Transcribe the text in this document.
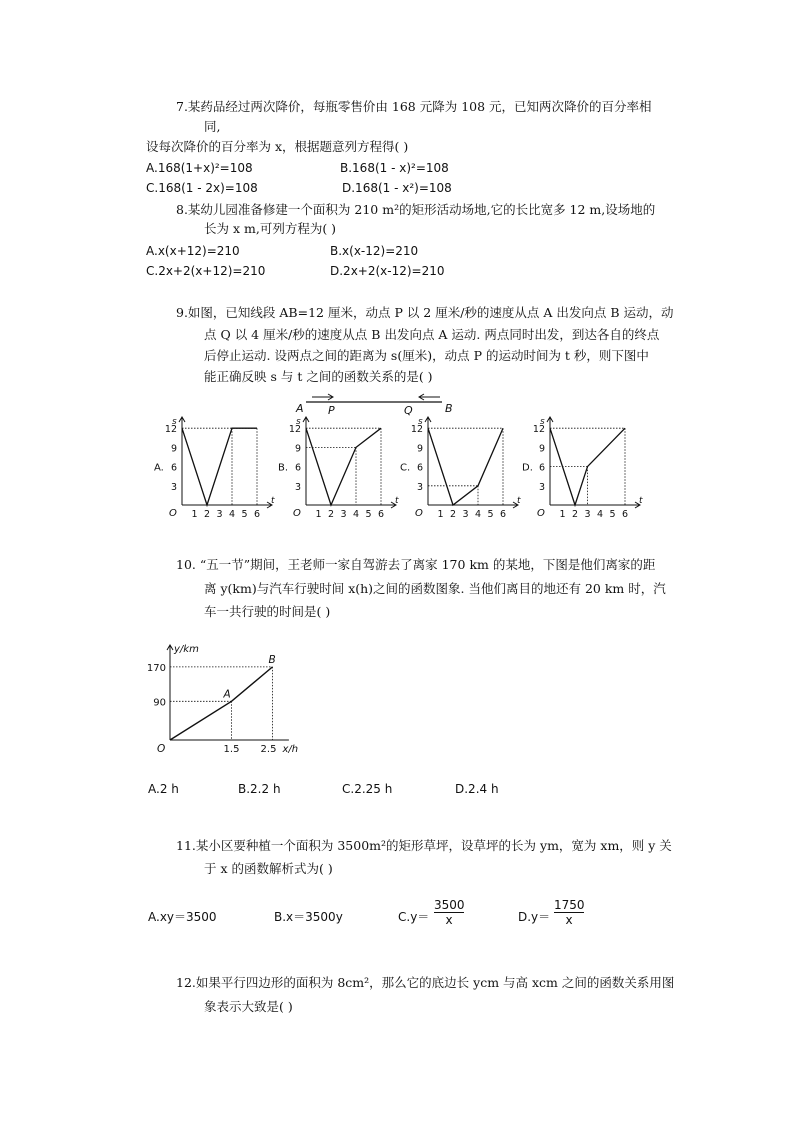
7.某药品经过两次降价，每瓶零售价由 168 元降为 108 元，已知两次降价的百分率相
同,
设每次降价的百分率为 x，根据题意列方程得( )
A.168(1+x)²=108	B.168(1 - x)²=108
C.168(1 - 2x)=108	D.168(1 - x²)=108
8.某幼儿园准备修建一个面积为 210 m²的矩形活动场地,它的长比宽多 12 m,设场地的
长为 x m,可列方程为( )
A.x(x+12)=210	B.x(x-12)=210
C.2x+2(x+12)=210	D.2x+2(x-12)=210
9.如图，已知线段 AB=12 厘米，动点 P 以 2 厘米/秒的速度从点 A 出发向点 B 运动，动
点 Q 以 4 厘米/秒的速度从点 B 出发向点 A 运动. 两点同时出发，到达各自的终点
后停止运动. 设两点之间的距离为 s(厘米)，动点 P 的运动时间为 t 秒，则下图中
能正确反映 s 与 t 之间的函数关系的是( )
A P	Q	B
A.
s
t
O
3
6
9
12
1 2 3 4 5 6
B.
s
t
O
3
6
9
12
1 2 3 4 5 6
C.
s
t
O
3
6
9
12
1 2 3 4 5 6
D.
s
t
O
3
6
9
12
1 2 3 4 5 6
10. “五一节”期间，王老师一家自驾游去了离家 170 km 的某地，下图是他们离家的距
离 y(km)与汽车行驶时间 x(h)之间的函数图象. 当他们离目的地还有 20 km 时，汽
车一共行驶的时间是( )
y/km
x/h
O
90
170
1.5 2.5
A
B
A.2 h	B.2.2 h	C.2.25 h	D.2.4 h
11.某小区要种植一个面积为 3500m²的矩形草坪，设草坪的长为 ym，宽为 xm，则 y 关
于 x 的函数解析式为( )
A.xy＝3500	B.x＝3500y	$C.y= \frac{3500}{x}$	$D.y= \frac{1750}{x}$
12.如果平行四边形的面积为 8cm²，那么它的底边长 ycm 与高 xcm 之间的函数关系用图
象表示大致是( )
